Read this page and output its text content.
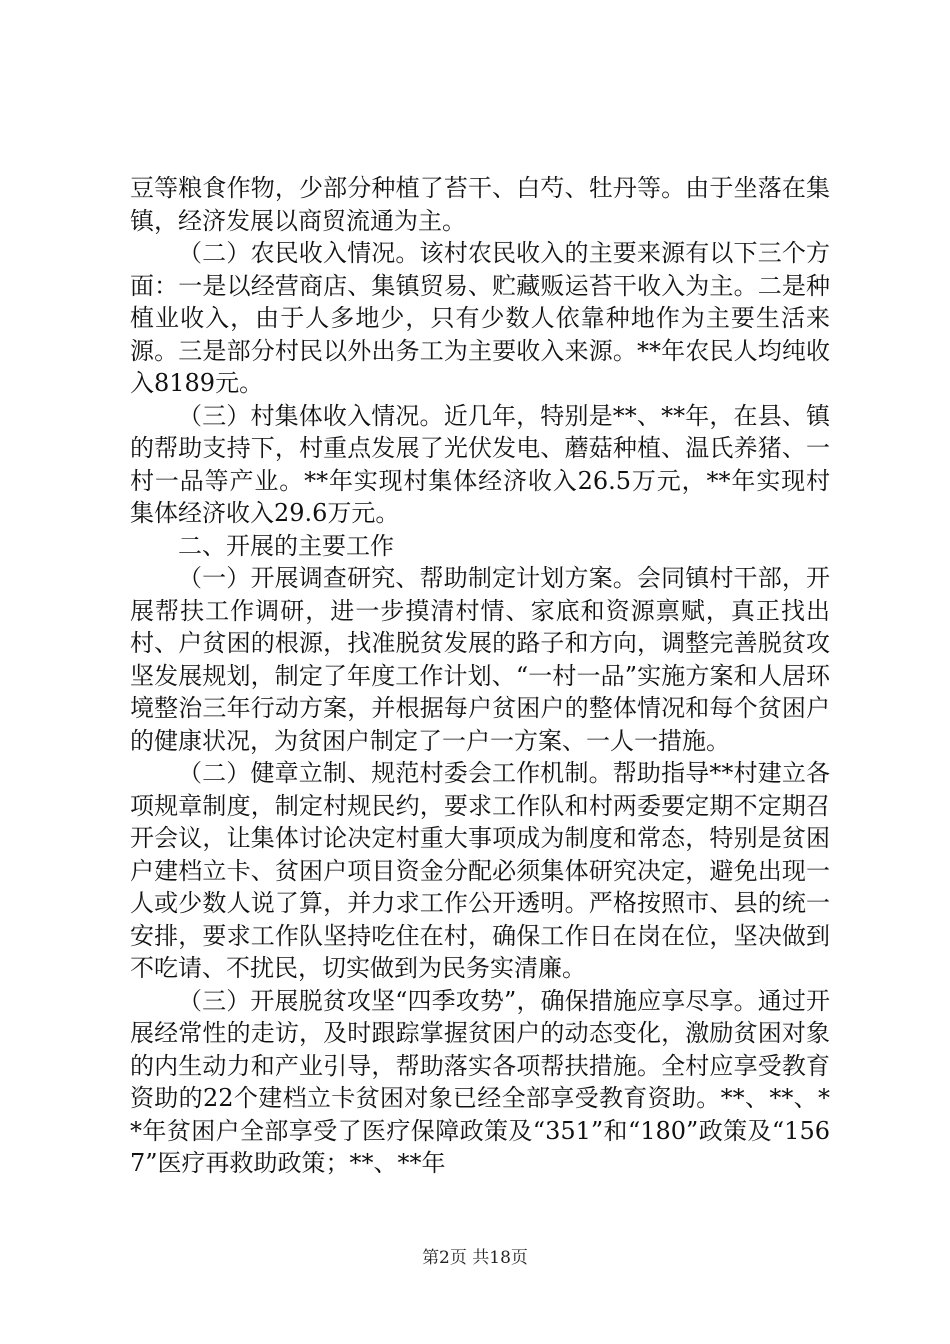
豆等粮食作物，少部分种植了苔干、白芍、牡丹等。由于坐落在集镇，经济发展以商贸流通为主。

（二）农民收入情况。该村农民收入的主要来源有以下三个方面：一是以经营商店、集镇贸易、贮藏贩运苔干收入为主。二是种植业收入，由于人多地少，只有少数人依靠种地作为主要生活来源。三是部分村民以外出务工为主要收入来源。**年农民人均纯收入8189元。

（三）村集体收入情况。近几年，特别是**、**年，在县、镇的帮助支持下，村重点发展了光伏发电、蘑菇种植、温氏养猪、一村一品等产业。**年实现村集体经济收入26.5万元，**年实现村集体经济收入29.6万元。

二、开展的主要工作

（一）开展调查研究、帮助制定计划方案。会同镇村干部，开展帮扶工作调研，进一步摸清村情、家底和资源禀赋，真正找出村、户贫困的根源，找准脱贫发展的路子和方向，调整完善脱贫攻坚发展规划，制定了年度工作计划、“一村一品”实施方案和人居环境整治三年行动方案，并根据每户贫困户的整体情况和每个贫困户的健康状况，为贫困户制定了一户一方案、一人一措施。

（二）健章立制、规范村委会工作机制。帮助指导**村建立各项规章制度，制定村规民约，要求工作队和村两委要定期不定期召开会议，让集体讨论决定村重大事项成为制度和常态，特别是贫困户建档立卡、贫困户项目资金分配必须集体研究决定，避免出现一人或少数人说了算，并力求工作公开透明。严格按照市、县的统一安排，要求工作队坚持吃住在村，确保工作日在岗在位，坚决做到不吃请、不扰民，切实做到为民务实清廉。

（三）开展脱贫攻坚“四季攻势”，确保措施应享尽享。通过开展经常性的走访，及时跟踪掌握贫困户的动态变化，激励贫困对象的内生动力和产业引导，帮助落实各项帮扶措施。全村应享受教育资助的22个建档立卡贫困对象已经全部享受教育资助。**、**、**年贫困户全部享受了医疗保障政策及“351”和“180”政策及“1567”医疗再救助政策；**、**年

第2页 共18页
